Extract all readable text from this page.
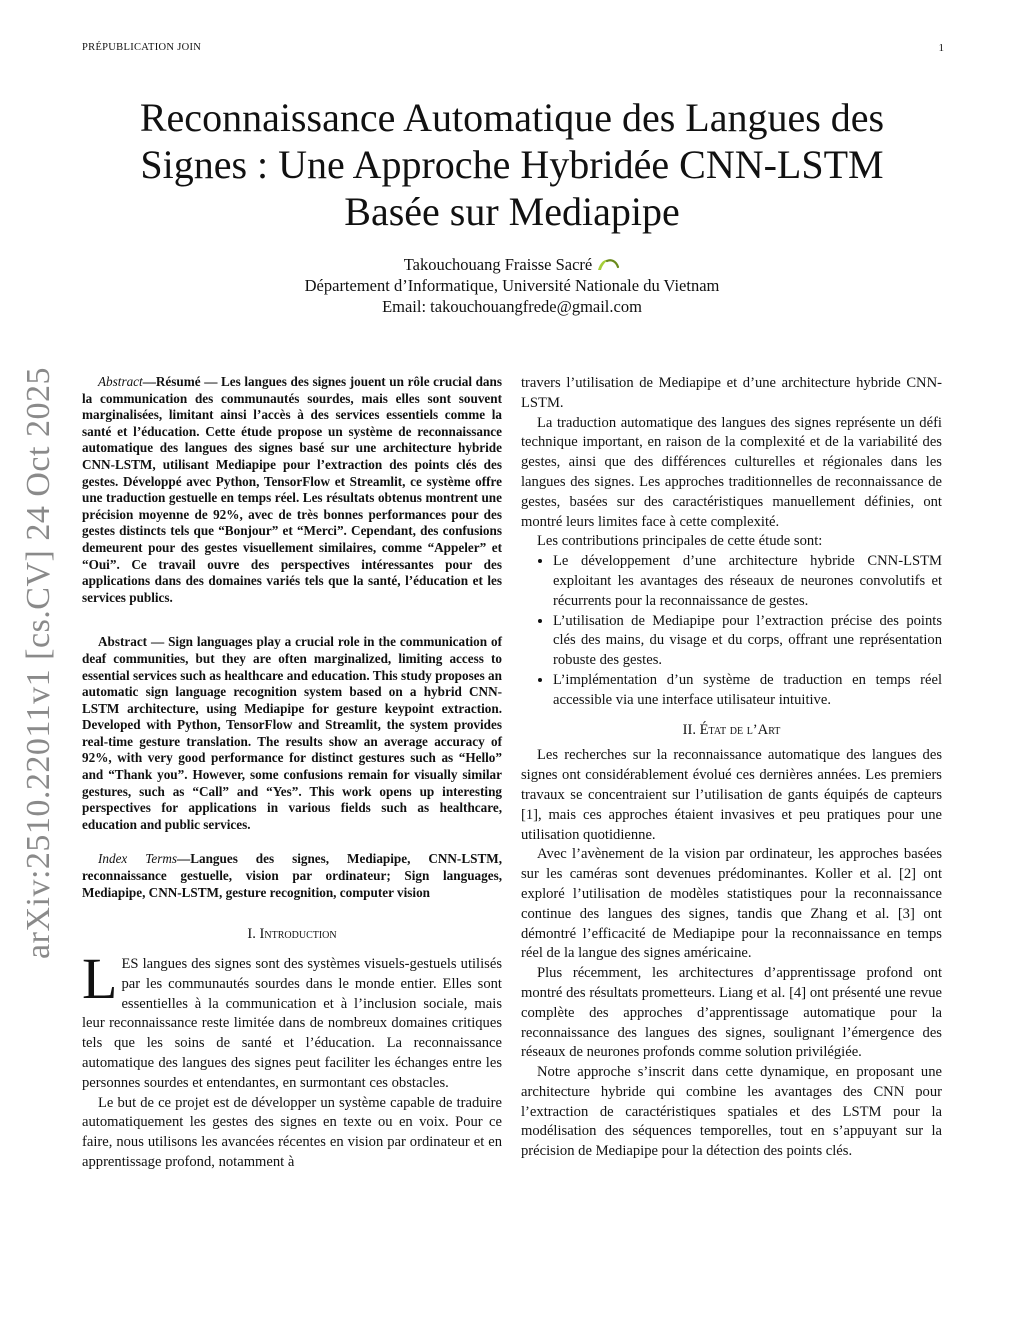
PRÉPUBLICATION JOIN	1
arXiv:2510.22011v1 [cs.CV] 24 Oct 2025
Reconnaissance Automatique des Langues des Signes : Une Approche Hybridée CNN-LSTM Basée sur Mediapipe
Takouchouang Fraisse Sacré
Département d’Informatique, Université Nationale du Vietnam
Email: takouchouangfrede@gmail.com

Abstract—Résumé — Les langues des signes jouent un rôle crucial dans la communication des communautés sourdes, mais elles sont souvent marginalisées, limitant ainsi l’accès à des services essentiels comme la santé et l’éducation. Cette étude propose un système de reconnaissance automatique des langues des signes basé sur une architecture hybride CNN-LSTM, utilisant Mediapipe pour l’extraction des points clés des gestes. Développé avec Python, TensorFlow et Streamlit, ce système offre une traduction gestuelle en temps réel. Les résultats obtenus montrent une précision moyenne de 92%, avec de très bonnes performances pour des gestes distincts tels que “Bonjour” et “Merci”. Cependant, des confusions demeurent pour des gestes visuellement similaires, comme “Appeler” et “Oui”. Ce travail ouvre des perspectives intéressantes pour des applications dans des domaines variés tels que la santé, l’éducation et les services publics.

Abstract — Sign languages play a crucial role in the communication of deaf communities, but they are often marginalized, limiting access to essential services such as healthcare and education. This study proposes an automatic sign language recognition system based on a hybrid CNN-LSTM architecture, using Mediapipe for gesture keypoint extraction. Developed with Python, TensorFlow and Streamlit, the system provides real-time gesture translation. The results show an average accuracy of 92%, with very good performance for distinct gestures such as “Hello” and “Thank you”. However, some confusions remain for visually similar gestures, such as “Call” and “Yes”. This work opens up interesting perspectives for applications in various fields such as healthcare, education and public services.

Index Terms—Langues des signes, Mediapipe, CNN-LSTM, reconnaissance gestuelle, vision par ordinateur; Sign languages, Mediapipe, CNN-LSTM, gesture recognition, computer vision

I. Introduction

LES langues des signes sont des systèmes visuels-gestuels utilisés par les communautés sourdes dans le monde entier. Elles sont essentielles à la communication et à l’inclusion sociale, mais leur reconnaissance reste limitée dans de nombreux domaines critiques tels que les soins de santé et l’éducation. La reconnaissance automatique des langues des signes peut faciliter les échanges entre les personnes sourdes et entendantes, en surmontant ces obstacles.

Le but de ce projet est de développer un système capable de traduire automatiquement les gestes des signes en texte ou en voix. Pour ce faire, nous utilisons les avancées récentes en vision par ordinateur et en apprentissage profond, notamment à

travers l’utilisation de Mediapipe et d’une architecture hybride CNN-LSTM.

La traduction automatique des langues des signes représente un défi technique important, en raison de la complexité et de la variabilité des gestes, ainsi que des différences culturelles et régionales dans les langues des signes. Les approches traditionnelles de reconnaissance de gestes, basées sur des caractéristiques manuellement définies, ont montré leurs limites face à cette complexité.

Les contributions principales de cette étude sont:

• Le développement d’une architecture hybride CNN-LSTM exploitant les avantages des réseaux de neurones convolutifs et récurrents pour la reconnaissance de gestes.
• L’utilisation de Mediapipe pour l’extraction précise des points clés des mains, du visage et du corps, offrant une représentation robuste des gestes.
• L’implémentation d’un système de traduction en temps réel accessible via une interface utilisateur intuitive.

II. État de l’Art

Les recherches sur la reconnaissance automatique des langues des signes ont considérablement évolué ces dernières années. Les premiers travaux se concentraient sur l’utilisation de gants équipés de capteurs [1], mais ces approches étaient invasives et peu pratiques pour une utilisation quotidienne.

Avec l’avènement de la vision par ordinateur, les approches basées sur les caméras sont devenues prédominantes. Koller et al. [2] ont exploré l’utilisation de modèles statistiques pour la reconnaissance continue des langues des signes, tandis que Zhang et al. [3] ont démontré l’efficacité de Mediapipe pour la reconnaissance en temps réel de la langue des signes américaine.

Plus récemment, les architectures d’apprentissage profond ont montré des résultats prometteurs. Liang et al. [4] ont présenté une revue complète des approches d’apprentissage automatique pour la reconnaissance des langues des signes, soulignant l’émergence des réseaux de neurones profonds comme solution privilégiée.

Notre approche s’inscrit dans cette dynamique, en proposant une architecture hybride qui combine les avantages des CNN pour l’extraction de caractéristiques spatiales et des LSTM pour la modélisation des séquences temporelles, tout en s’appuyant sur la précision de Mediapipe pour la détection des points clés.
